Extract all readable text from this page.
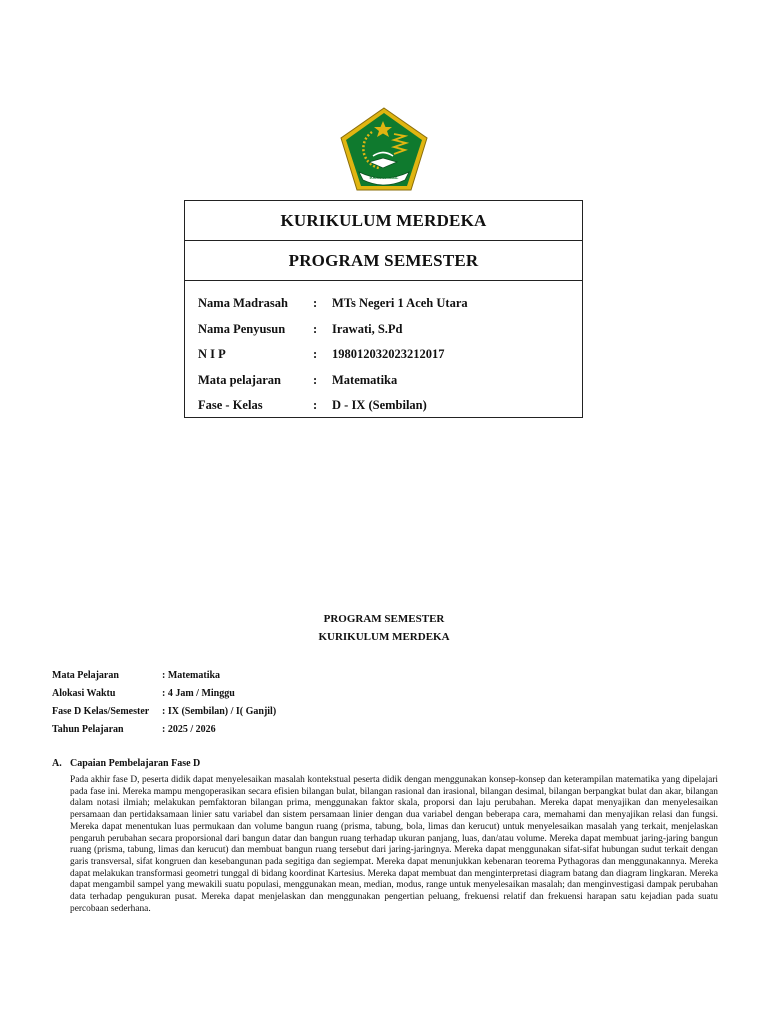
IKHLAS BERAMAL
KURIKULUM MERDEKA
PROGRAM SEMESTER
Nama Madrasah	:	MTs Negeri 1 Aceh Utara
Nama Penyusun	:	Irawati, S.Pd
N I P	:	198012032023212017
Mata pelajaran	:	Matematika
Fase - Kelas	:	D - IX (Sembilan)
PROGRAM SEMESTER
KURIKULUM MERDEKA
Mata Pelajaran	: Matematika
Alokasi Waktu	: 4 Jam / Minggu
Fase D Kelas/Semester	: IX (Sembilan) / I( Ganjil)
Tahun Pelajaran	: 2025 / 2026
A. Capaian Pembelajaran Fase D
Pada akhir fase D, peserta didik dapat menyelesaikan masalah kontekstual peserta didik dengan menggunakan konsep-konsep dan keterampilan matematika yang dipelajari pada fase ini. Mereka mampu mengoperasikan secara efisien bilangan bulat, bilangan rasional dan irasional, bilangan desimal, bilangan berpangkat bulat dan akar, bilangan dalam notasi ilmiah; melakukan pemfaktoran bilangan prima, menggunakan faktor skala, proporsi dan laju perubahan. Mereka dapat menyajikan dan menyelesaikan persamaan dan pertidaksamaan linier satu variabel dan sistem persamaan linier dengan dua variabel dengan beberapa cara, memahami dan menyajikan relasi dan fungsi. Mereka dapat menentukan luas permukaan dan volume bangun ruang (prisma, tabung, bola, limas dan kerucut) untuk menyelesaikan masalah yang terkait, menjelaskan pengaruh perubahan secara proporsional dari bangun datar dan bangun ruang terhadap ukuran panjang, luas, dan/atau volume. Mereka dapat membuat jaring-jaring bangun ruang (prisma, tabung, limas dan kerucut) dan membuat bangun ruang tersebut dari jaring-jaringnya. Mereka dapat menggunakan sifat-sifat hubungan sudut terkait dengan garis transversal, sifat kongruen dan kesebangunan pada segitiga dan segiempat. Mereka dapat menunjukkan kebenaran teorema Pythagoras dan menggunakannya. Mereka dapat melakukan transformasi geometri tunggal di bidang koordinat Kartesius. Mereka dapat membuat dan menginterpretasi diagram batang dan diagram lingkaran. Mereka dapat mengambil sampel yang mewakili suatu populasi, menggunakan mean, median, modus, range untuk menyelesaikan masalah; dan menginvestigasi dampak perubahan data terhadap pengukuran pusat. Mereka dapat menjelaskan dan menggunakan pengertian peluang, frekuensi relatif dan frekuensi harapan satu kejadian pada suatu percobaan sederhana.
